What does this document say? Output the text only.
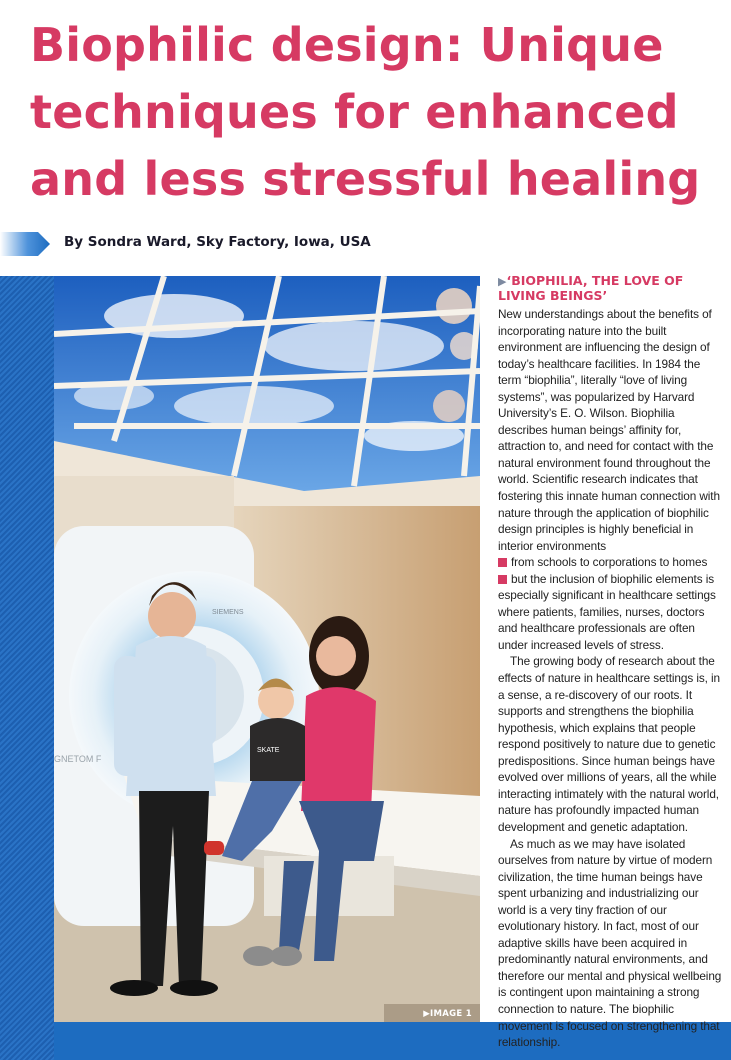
Biophilic design: Unique techniques for enhanced and less stressful healing
By Sondra Ward, Sky Factory, Iowa, USA
SIEMENS
GNETOM F
SKATE
▶IMAGE 1
▶‘BIOPHILIA, THE LOVE OF LIVING BEINGS’

New understandings about the benefits of incorporating nature into the built environment are influencing the design of today’s healthcare facilities. In 1984 the term “biophilia”, literally “love of living systems”, was popularized by Harvard University’s E. O. Wilson. Biophilia describes human beings’ affinity for, attraction to, and need for contact with the natural environment found throughout the world. Scientific research indicates that fostering this innate human connection with nature through the application of biophilic design principles is highly beneficial in interior environments
from schools to corporations to homes
but the inclusion of biophilic elements is especially significant in healthcare settings where patients, families, nurses, doctors and healthcare professionals are often under increased levels of stress.

The growing body of research about the effects of nature in healthcare settings is, in a sense, a re-discovery of our roots. It supports and strengthens the biophilia hypothesis, which explains that people respond positively to nature due to genetic predispositions. Since human beings have evolved over millions of years, all the while interacting intimately with the natural world, nature has profoundly impacted human development and genetic adaptation.

As much as we may have isolated ourselves from nature by virtue of modern civilization, the time human beings have spent urbanizing and industrializing our world is a very tiny fraction of our evolutionary history. In fact, most of our adaptive skills have been acquired in predominantly natural environments, and therefore our mental and physical wellbeing is contingent upon maintaining a strong connection to nature. The biophilic movement is focused on strengthening that relationship.
